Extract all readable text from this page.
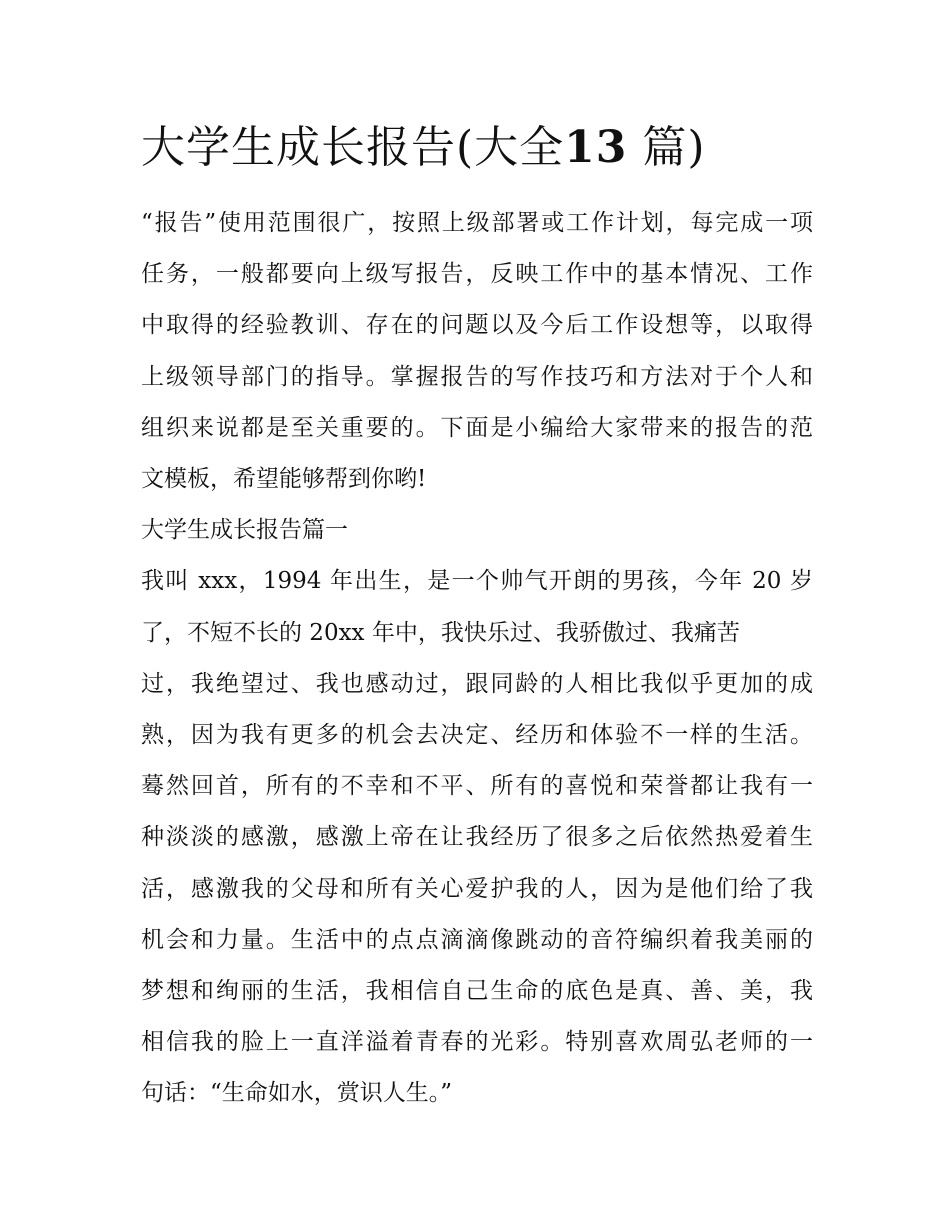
大学生成长报告(大全13 篇)
“报告”使用范围很广，按照上级部署或工作计划，每完成一项
任务，一般都要向上级写报告，反映工作中的基本情况、工作
中取得的经验教训、存在的问题以及今后工作设想等，以取得
上级领导部门的指导。掌握报告的写作技巧和方法对于个人和
组织来说都是至关重要的。下面是小编给大家带来的报告的范
文模板，希望能够帮到你哟!
大学生成长报告篇一
我叫 xxx，1994 年出生，是一个帅气开朗的男孩，今年 20 岁
了，不短不长的 20xx 年中，我快乐过、我骄傲过、我痛苦
过，我绝望过、我也感动过，跟同龄的人相比我似乎更加的成
熟，因为我有更多的机会去决定、经历和体验不一样的生活。
蓦然回首，所有的不幸和不平、所有的喜悦和荣誉都让我有一
种淡淡的感激，感激上帝在让我经历了很多之后依然热爱着生
活，感激我的父母和所有关心爱护我的人，因为是他们给了我
机会和力量。生活中的点点滴滴像跳动的音符编织着我美丽的
梦想和绚丽的生活，我相信自己生命的底色是真、善、美，我
相信我的脸上一直洋溢着青春的光彩。特别喜欢周弘老师的一
句话：“生命如水，赏识人生。”
